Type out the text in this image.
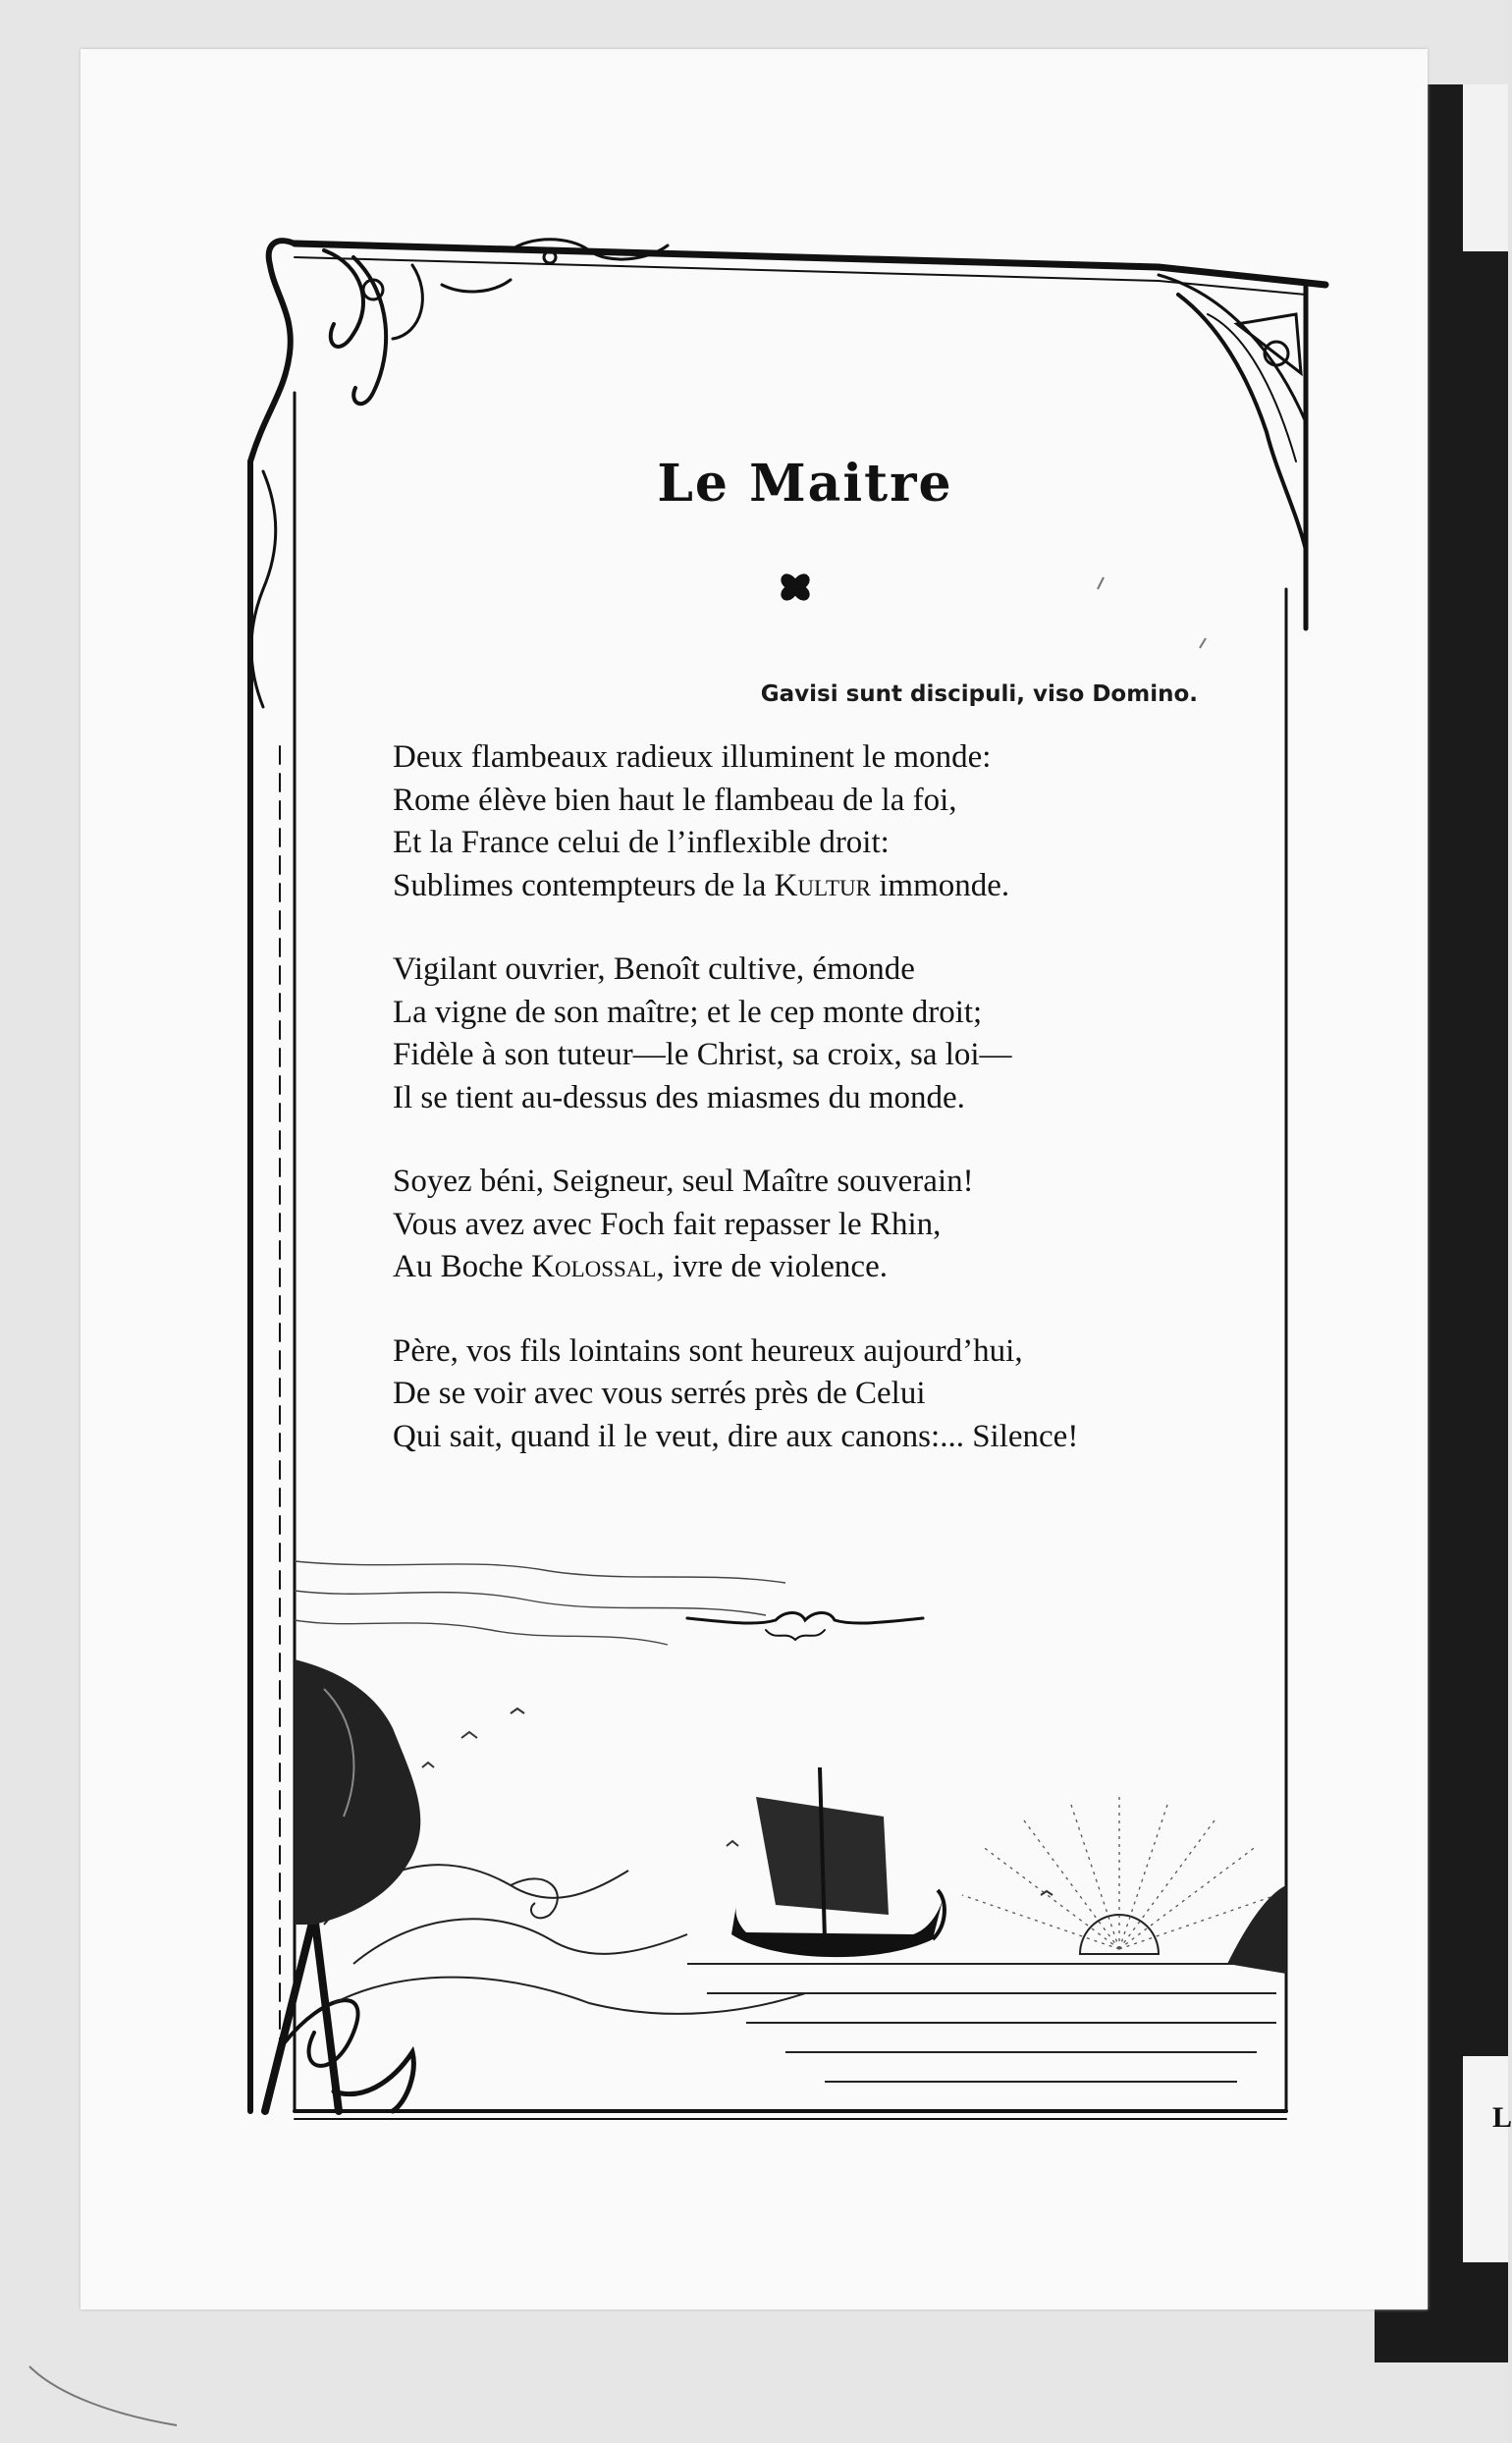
L
Le Maitre
Gavisi sunt discipuli, viso Domino.
Deux flambeaux radieux illuminent le monde:
Rome élève bien haut le flambeau de la foi,
Et la France celui de l’inflexible droit:
Sublimes contempteurs de la Kultur immonde.
Vigilant ouvrier, Benoît cultive, émonde
La vigne de son maître; et le cep monte droit;
Fidèle à son tuteur—le Christ, sa croix, sa loi—
Il se tient au-dessus des miasmes du monde.
Soyez béni, Seigneur, seul Maître souverain!
Vous avez avec Foch fait repasser le Rhin,
Au Boche Kolossal, ivre de violence.
Père, vos fils lointains sont heureux aujourd’hui,
De se voir avec vous serrés près de Celui
Qui sait, quand il le veut, dire aux canons:... Silence!
